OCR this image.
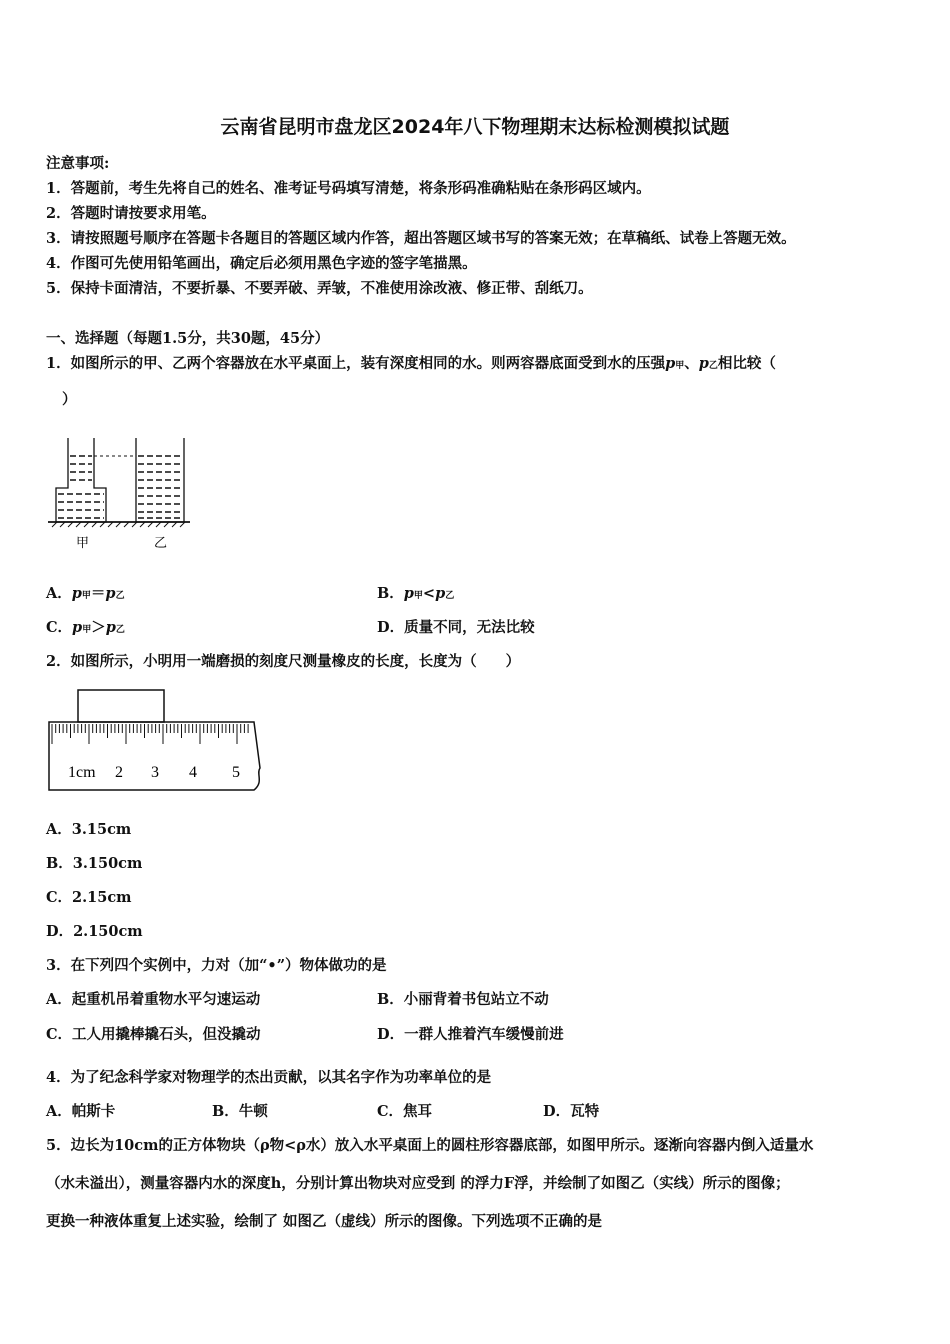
云南省昆明市盘龙区2024年八下物理期末达标检测模拟试题
注意事项:
1．答题前，考生先将自己的姓名、准考证号码填写清楚，将条形码准确粘贴在条形码区域内。
2．答题时请按要求用笔。
3．请按照题号顺序在答题卡各题目的答题区域内作答，超出答题区域书写的答案无效；在草稿纸、试卷上答题无效。
4．作图可先使用铅笔画出，确定后必须用黑色字迹的签字笔描黑。
5．保持卡面清洁，不要折暴、不要弄破、弄皱，不准使用涂改液、修正带、刮纸刀。
一、选择题（每题1.5分，共30题，45分）
1．如图所示的甲、乙两个容器放在水平桌面上，装有深度相同的水。则两容器底面受到水的压强p甲、p乙相比较（
）
甲	乙
A．p甲＝p乙	B．p甲<p乙
C．p甲＞p乙	D．质量不同，无法比较
2．如图所示，小明用一端磨损的刻度尺测量橡皮的长度，长度为（　　）
1cm 2 3 4 5
A．3.15cm
B．3.150cm
C．2.15cm
D．2.150cm
3．在下列四个实例中，力对（加“•”）物体做功的是
A．起重机吊着重物水平匀速运动	B．小丽背着书包站立不动
C．工人用撬棒撬石头，但没撬动	D．一群人推着汽车缓慢前进
4．为了纪念科学家对物理学的杰出贡献，以其名字作为功率单位的是
A．帕斯卡	B．牛顿	C．焦耳	D．瓦特
5．边长为10cm的正方体物块（ρ物<ρ水）放入水平桌面上的圆柱形容器底部，如图甲所示。逐渐向容器内倒入适量水
（水未溢出），测量容器内水的深度h，分别计算出物块对应受到 的浮力F浮，并绘制了如图乙（实线）所示的图像；
更换一种液体重复上述实验，绘制了 如图乙（虚线）所示的图像。下列选项不正确的是
